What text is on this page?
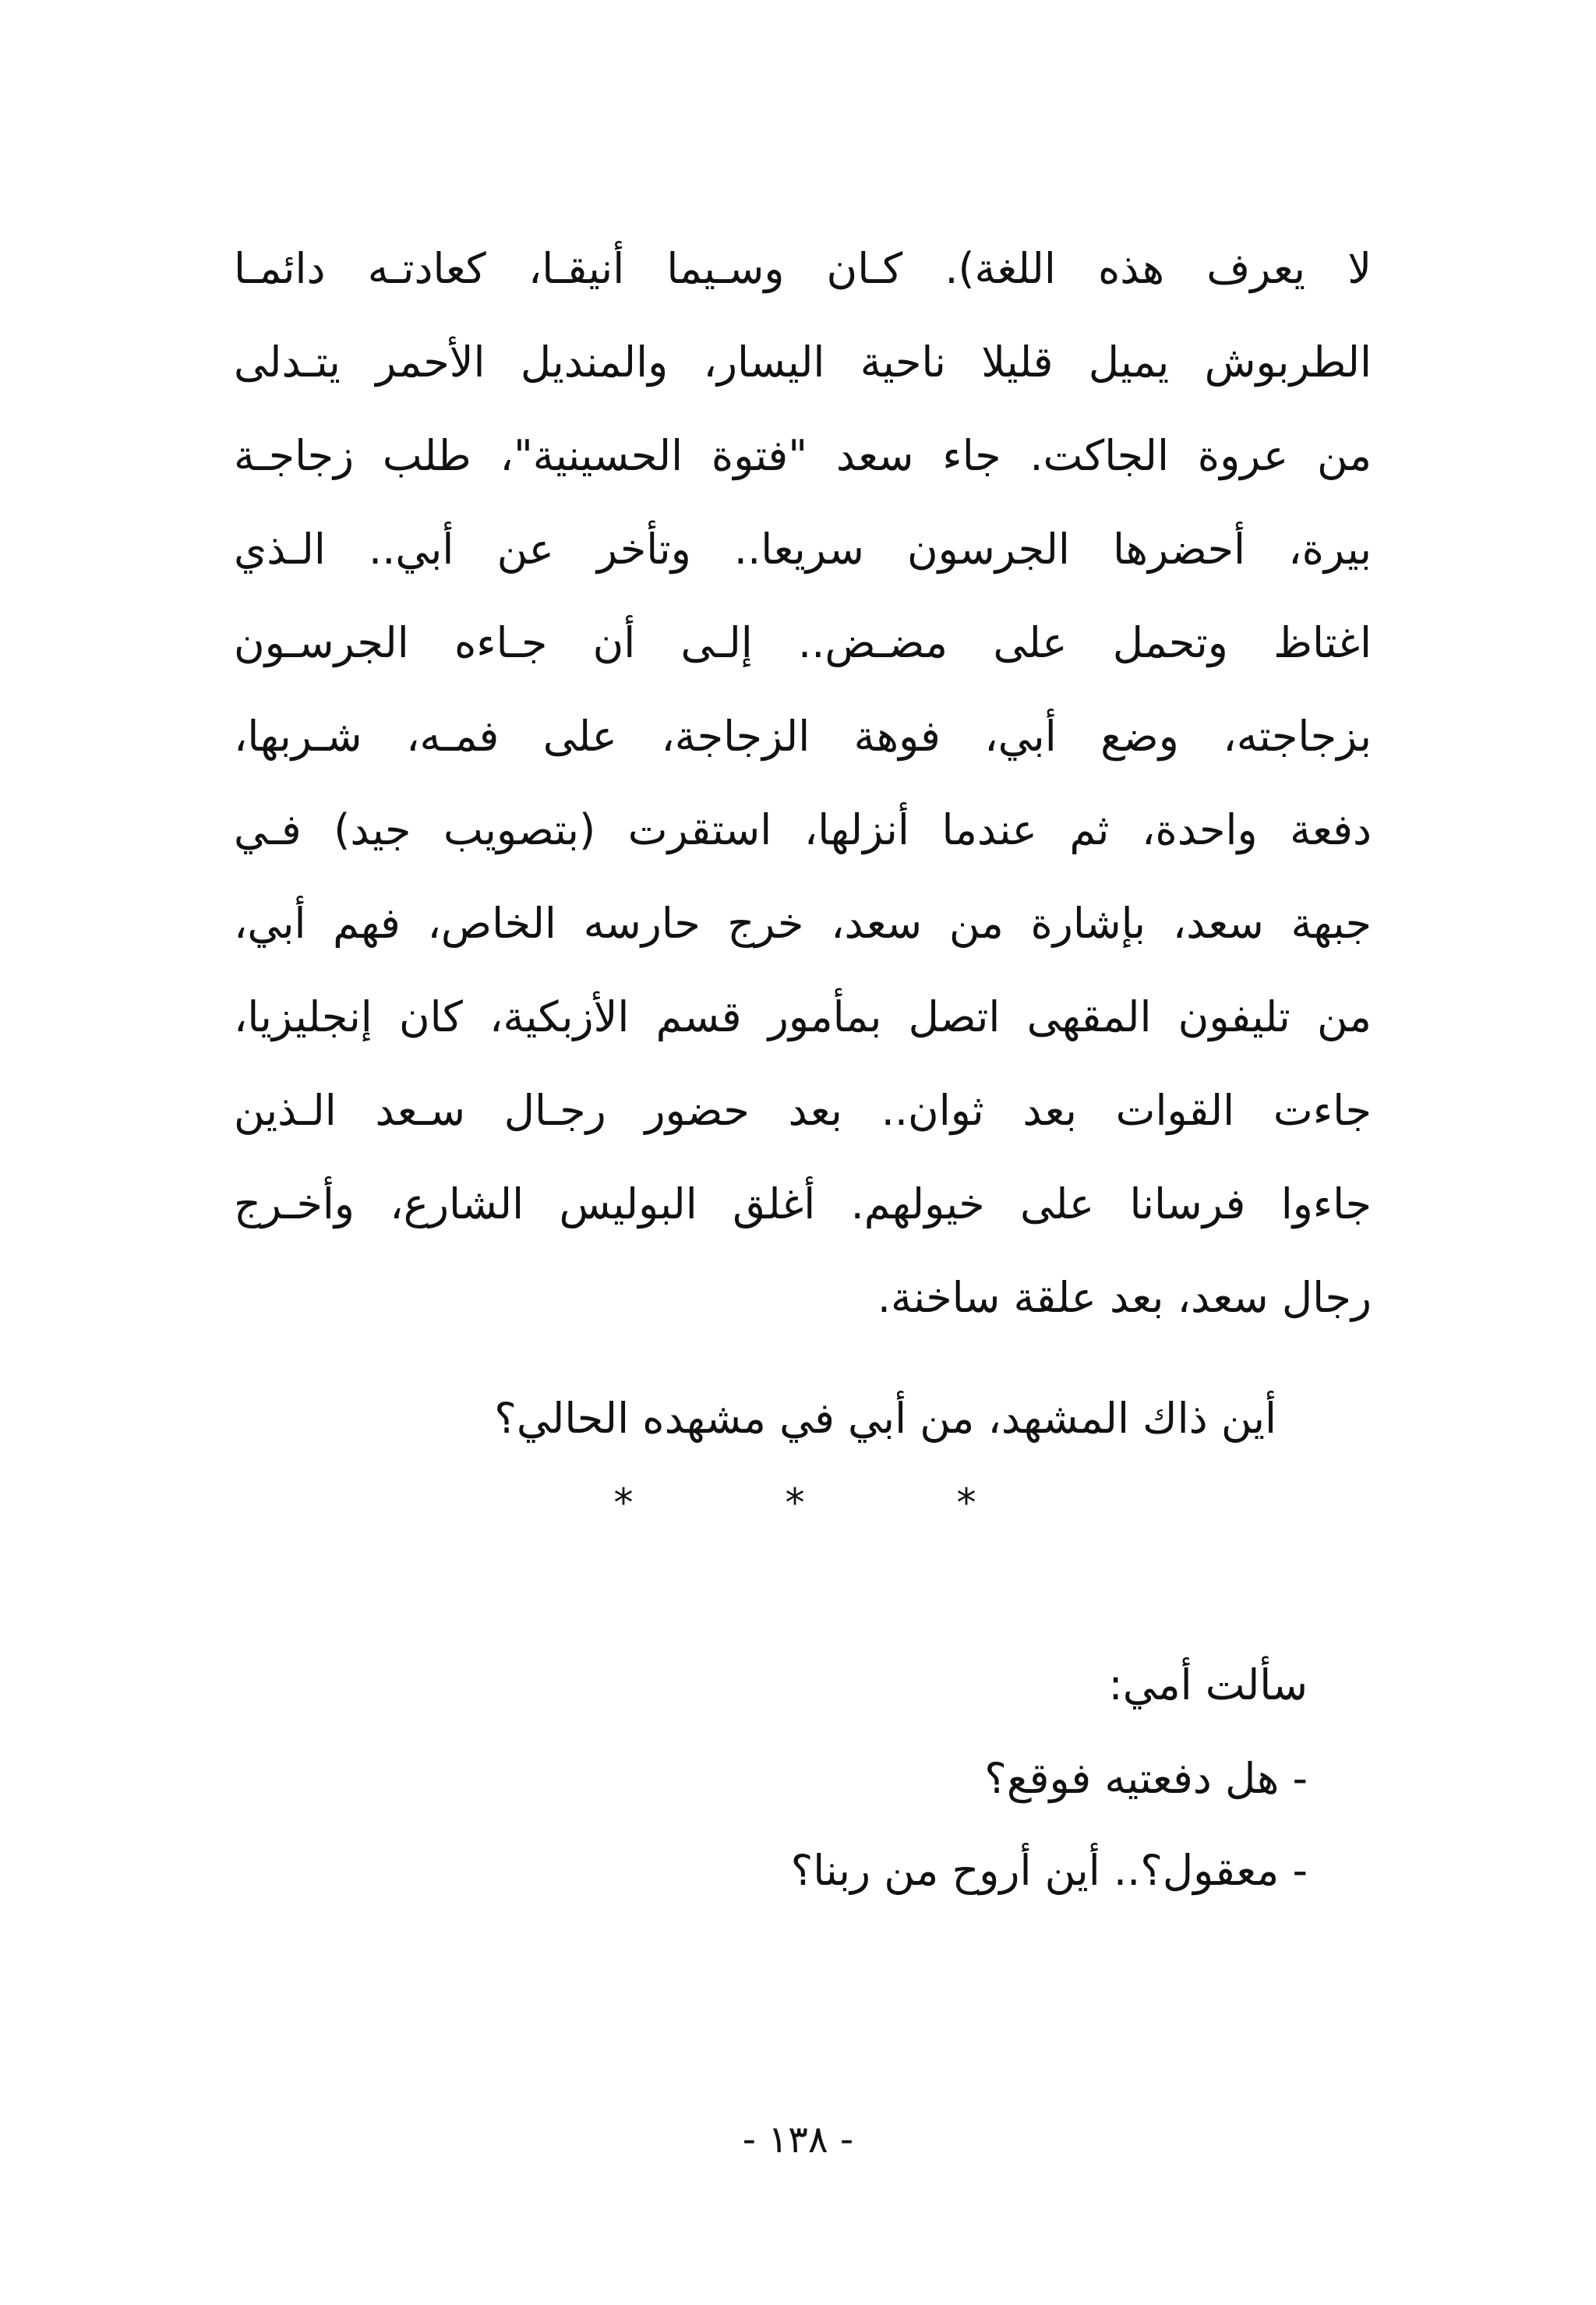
لا يعرف هذه اللغة). كـان وسـيما أنيقـا، كعادتـه دائمـا
الطربوش يميل قليلا ناحية اليسار، والمنديل الأحمر يتـدلى
من عروة الجاكت. جاء سعد "فتوة الحسينية"، طلب زجاجـة
بيرة، أحضرها الجرسون سريعا.. وتأخر عن أبي.. الـذي
اغتاظ وتحمل على مضـض.. إلـى أن جـاءه الجرسـون
بزجاجته، وضع أبي، فوهة الزجاجة، على فمـه، شـربها،
دفعة واحدة، ثم عندما أنزلها، استقرت (بتصويب جيد) فـي
جبهة سعد، بإشارة من سعد، خرج حارسه الخاص، فهم أبي،
من تليفون المقهى اتصل بمأمور قسم الأزبكية، كان إنجليزيا،
جاءت القوات بعد ثوان.. بعد حضور رجـال سـعد الـذين
جاءوا فرسانا على خيولهم. أغلق البوليس الشارع، وأخـرج
رجال سعد، بعد علقة ساخنة.

أين ذاك المشهد، من أبي في مشهده الحالي؟

*	*	*

سألت أمي:

- هل دفعتيه فوقع؟

- معقول؟.. أين أروح من ربنا؟

- ١٣٨ -
